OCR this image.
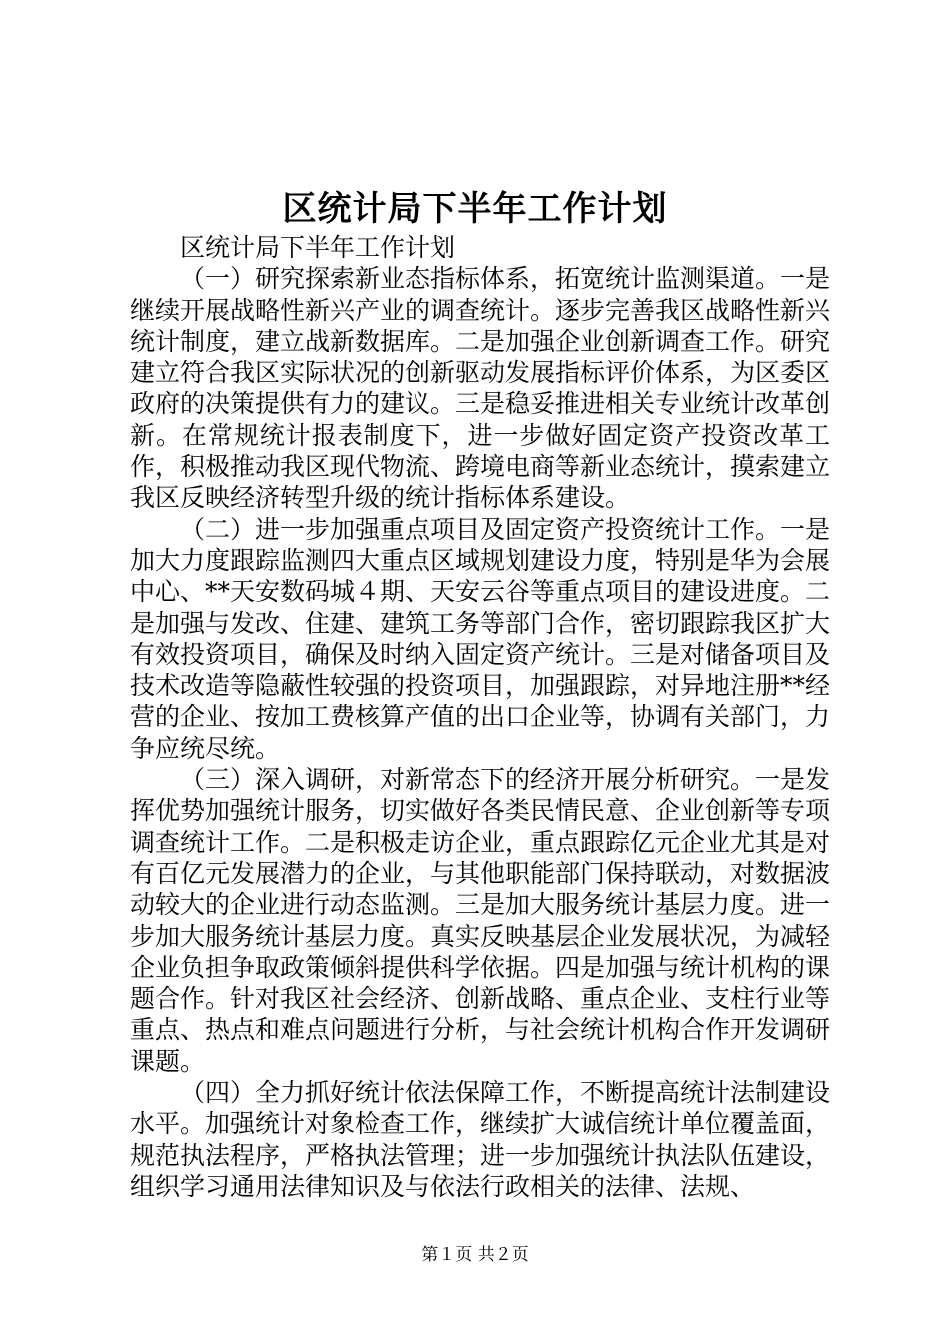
区统计局下半年工作计划

区统计局下半年工作计划

（一）研究探索新业态指标体系，拓宽统计监测渠道。一是继续开展战略性新兴产业的调查统计。逐步完善我区战略性新兴统计制度，建立战新数据库。二是加强企业创新调查工作。研究建立符合我区实际状况的创新驱动发展指标评价体系，为区委区政府的决策提供有力的建议。三是稳妥推进相关专业统计改革创新。在常规统计报表制度下，进一步做好固定资产投资改革工作，积极推动我区现代物流、跨境电商等新业态统计，摸索建立我区反映经济转型升级的统计指标体系建设。

（二）进一步加强重点项目及固定资产投资统计工作。一是加大力度跟踪监测四大重点区域规划建设力度，特别是华为会展中心、**天安数码城４期、天安云谷等重点项目的建设进度。二是加强与发改、住建、建筑工务等部门合作，密切跟踪我区扩大有效投资项目，确保及时纳入固定资产统计。三是对储备项目及技术改造等隐蔽性较强的投资项目，加强跟踪，对异地注册**经营的企业、按加工费核算产值的出口企业等，协调有关部门，力争应统尽统。

（三）深入调研，对新常态下的经济开展分析研究。一是发挥优势加强统计服务，切实做好各类民情民意、企业创新等专项调查统计工作。二是积极走访企业，重点跟踪亿元企业尤其是对有百亿元发展潜力的企业，与其他职能部门保持联动，对数据波动较大的企业进行动态监测。三是加大服务统计基层力度。进一步加大服务统计基层力度。真实反映基层企业发展状况，为减轻企业负担争取政策倾斜提供科学依据。四是加强与统计机构的课题合作。针对我区社会经济、创新战略、重点企业、支柱行业等重点、热点和难点问题进行分析，与社会统计机构合作开发调研课题。

（四）全力抓好统计依法保障工作，不断提高统计法制建设水平。加强统计对象检查工作，继续扩大诚信统计单位覆盖面，规范执法程序，严格执法管理；进一步加强统计执法队伍建设，组织学习通用法律知识及与依法行政相关的法律、法规、

第１页 共２页
